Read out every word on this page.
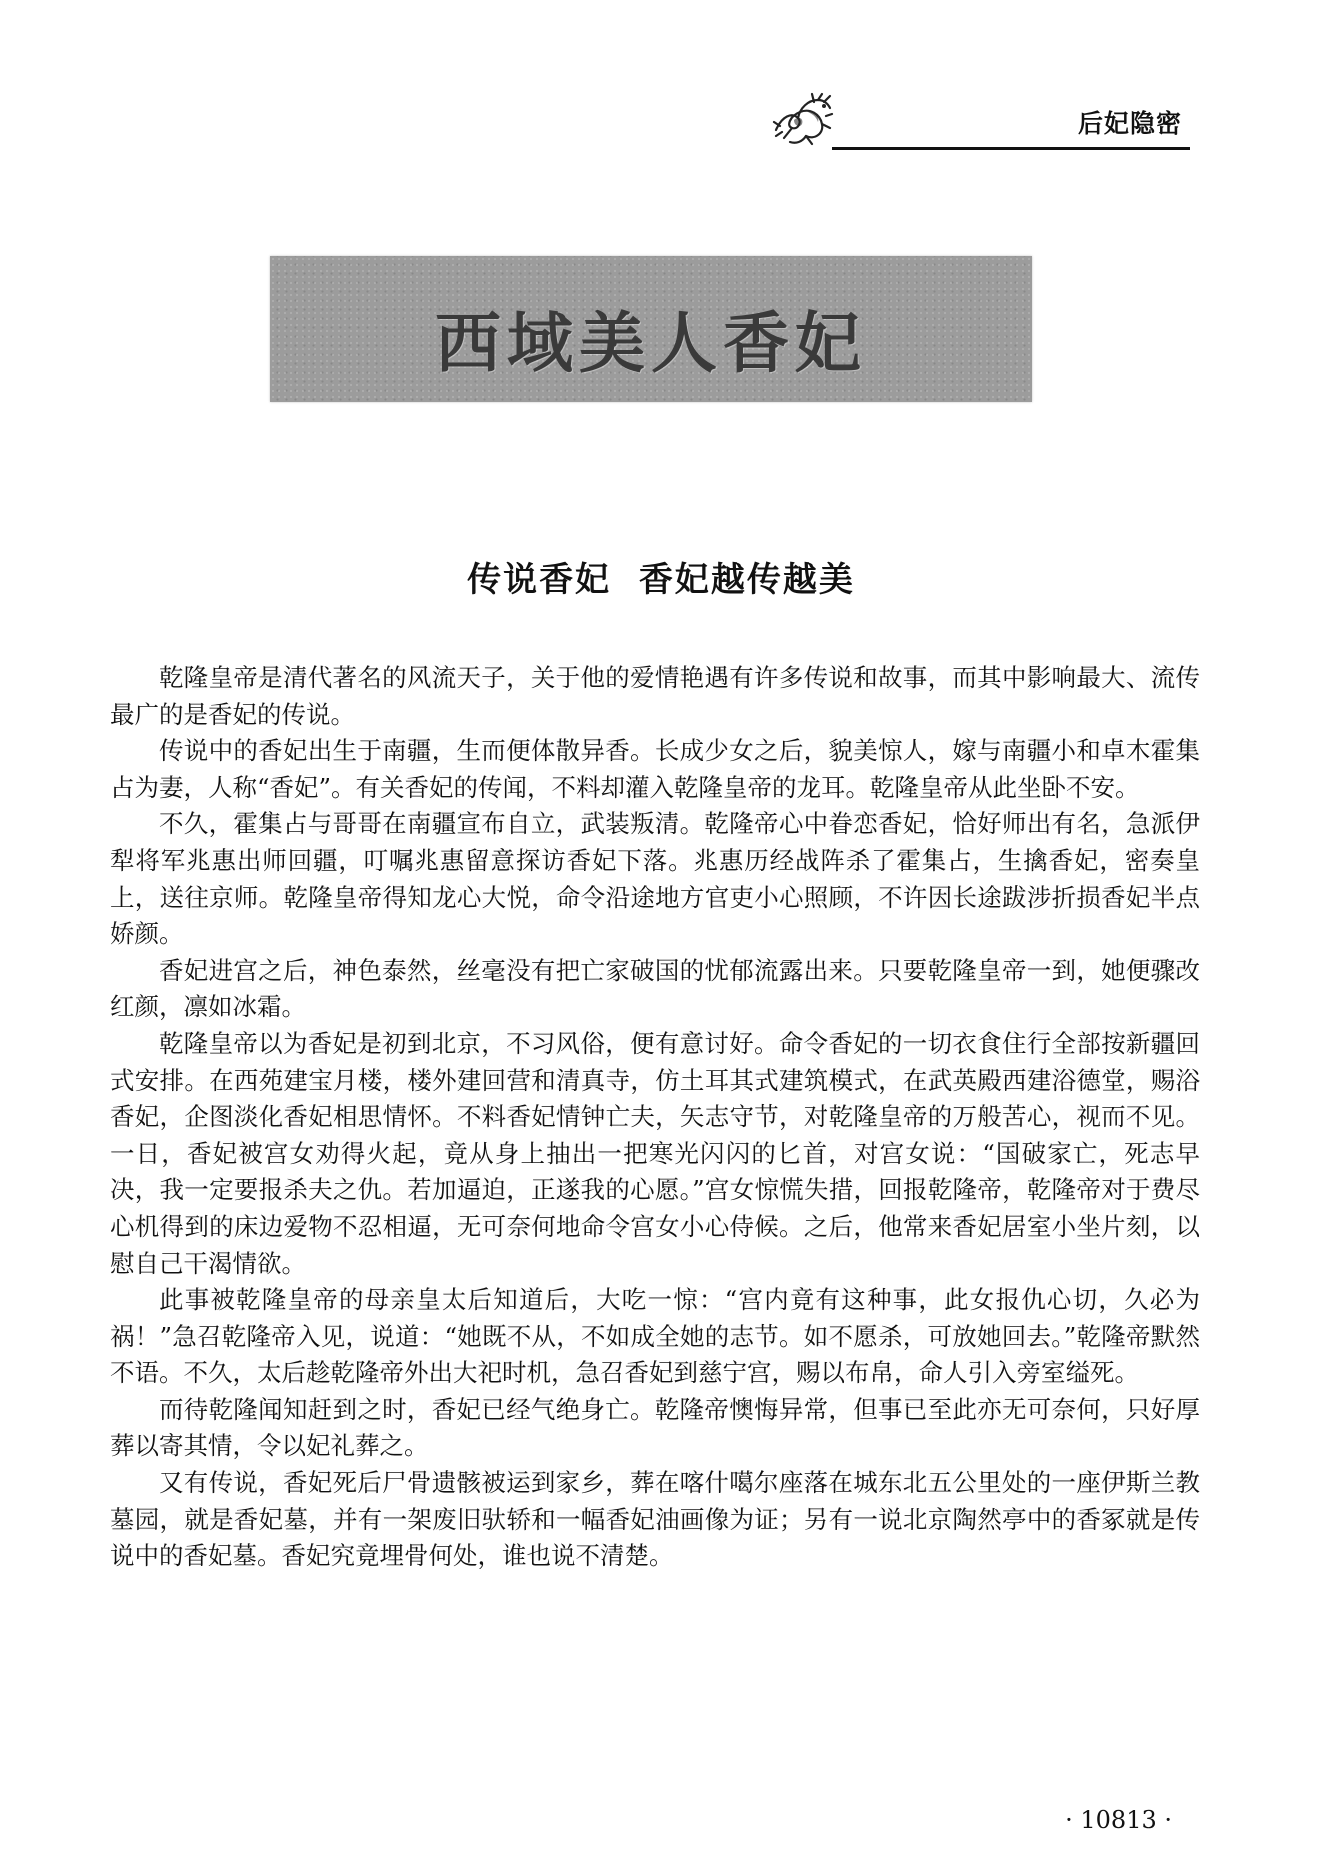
后妃隐密
西域美人香妃
传说香妃  香妃越传越美

乾隆皇帝是清代著名的风流天子，关于他的爱情艳遇有许多传说和故事，而其中影响最大、流传最广的是香妃的传说。

传说中的香妃出生于南疆，生而便体散异香。长成少女之后，貌美惊人，嫁与南疆小和卓木霍集占为妻，人称“香妃”。有关香妃的传闻，不料却灌入乾隆皇帝的龙耳。乾隆皇帝从此坐卧不安。

不久，霍集占与哥哥在南疆宣布自立，武装叛清。乾隆帝心中眷恋香妃，恰好师出有名，急派伊犁将军兆惠出师回疆，叮嘱兆惠留意探访香妃下落。兆惠历经战阵杀了霍集占，生擒香妃，密奏皇上，送往京师。乾隆皇帝得知龙心大悦，命令沿途地方官吏小心照顾，不许因长途跋涉折损香妃半点娇颜。

香妃进宫之后，神色泰然，丝毫没有把亡家破国的忧郁流露出来。只要乾隆皇帝一到，她便骤改红颜，凛如冰霜。

乾隆皇帝以为香妃是初到北京，不习风俗，便有意讨好。命令香妃的一切衣食住行全部按新疆回式安排。在西苑建宝月楼，楼外建回营和清真寺，仿土耳其式建筑模式，在武英殿西建浴德堂，赐浴香妃，企图淡化香妃相思情怀。不料香妃情钟亡夫，矢志守节，对乾隆皇帝的万般苦心，视而不见。一日，香妃被宫女劝得火起，竟从身上抽出一把寒光闪闪的匕首，对宫女说：“国破家亡，死志早决，我一定要报杀夫之仇。若加逼迫，正遂我的心愿。”宫女惊慌失措，回报乾隆帝，乾隆帝对于费尽心机得到的床边爱物不忍相逼，无可奈何地命令宫女小心侍候。之后，他常来香妃居室小坐片刻，以慰自己干渴情欲。

此事被乾隆皇帝的母亲皇太后知道后，大吃一惊：“宫内竟有这种事，此女报仇心切，久必为祸！”急召乾隆帝入见，说道：“她既不从，不如成全她的志节。如不愿杀，可放她回去。”乾隆帝默然不语。不久，太后趁乾隆帝外出大祀时机，急召香妃到慈宁宫，赐以布帛，命人引入旁室缢死。

而待乾隆闻知赶到之时，香妃已经气绝身亡。乾隆帝懊悔异常，但事已至此亦无可奈何，只好厚葬以寄其情，令以妃礼葬之。

又有传说，香妃死后尸骨遗骸被运到家乡，葬在喀什噶尔座落在城东北五公里处的一座伊斯兰教墓园，就是香妃墓，并有一架废旧驮轿和一幅香妃油画像为证；另有一说北京陶然亭中的香冢就是传说中的香妃墓。香妃究竟埋骨何处，谁也说不清楚。

· 10813 ·
